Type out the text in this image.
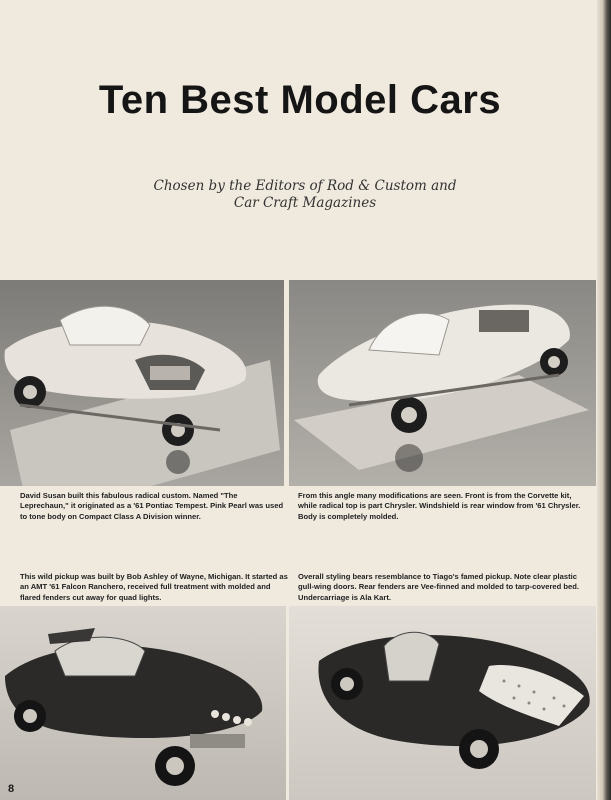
Ten Best Model Cars
Chosen by the Editors of Rod & Custom and
Car Craft Magazines
David Susan built this fabulous radical custom. Named "The Leprechaun," it originated as a '61 Pontiac Tempest. Pink Pearl was used to tone body on Compact Class A Division winner.
From this angle many modifications are seen. Front is from the Corvette kit, while radical top is part Chrysler. Windshield is rear window from '61 Chrysler. Body is completely molded.
This wild pickup was built by Bob Ashley of Wayne, Michigan. It started as an AMT '61 Falcon Ranchero, received full treatment with molded and flared fenders cut away for quad lights.
Overall styling bears resemblance to Tiago's famed pickup. Note clear plastic gull-wing doors. Rear fenders are Vee-finned and molded to tarp-covered bed. Undercarriage is Ala Kart.
8
